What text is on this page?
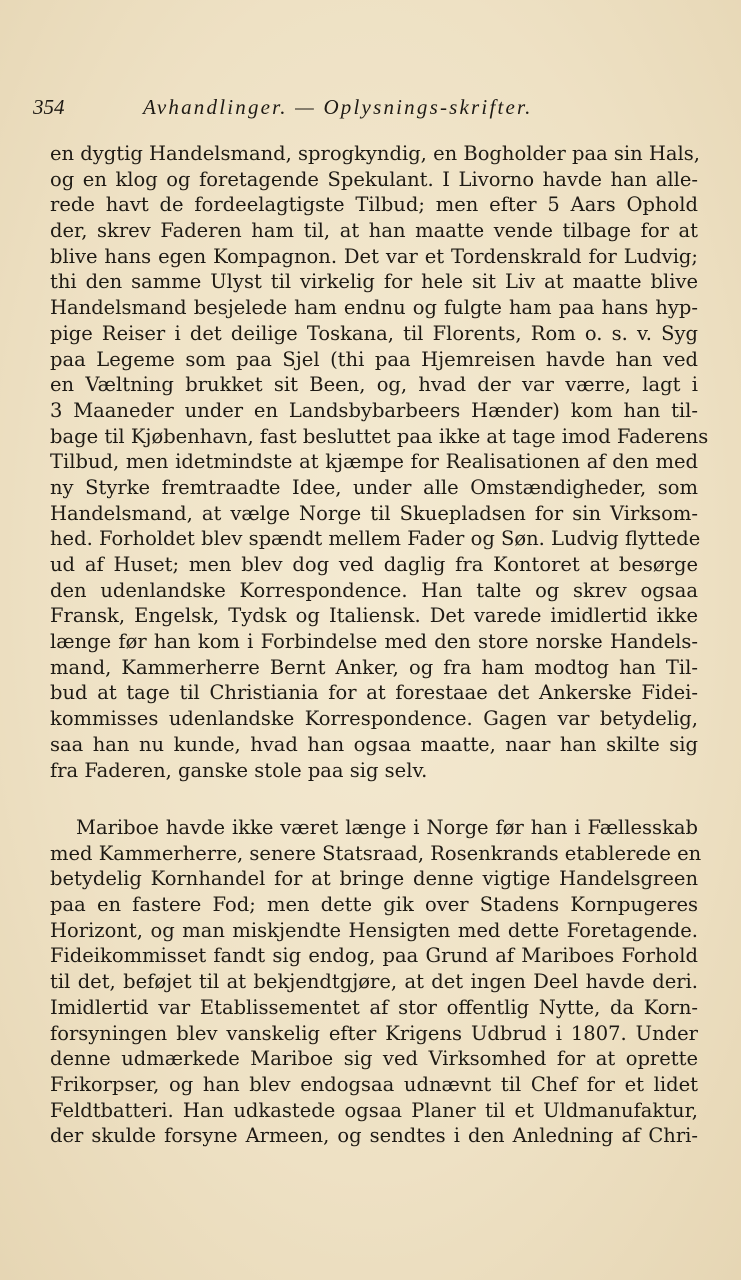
354	Avhandlinger. — Oplysnings-skrifter.
en dygtig Handelsmand, sprogkyndig, en Bogholder paa sin Hals,
og en klog og foretagende Spekulant. I Livorno havde han alle-
rede havt de fordeelagtigste Tilbud; men efter 5 Aars Ophold
der, skrev Faderen ham til, at han maatte vende tilbage for at
blive hans egen Kompagnon. Det var et Tordenskrald for Ludvig;
thi den samme Ulyst til virkelig for hele sit Liv at maatte blive
Handelsmand besjelede ham endnu og fulgte ham paa hans hyp-
pige Reiser i det deilige Toskana, til Florents, Rom o. s. v. Syg
paa Legeme som paa Sjel (thi paa Hjemreisen havde han ved
en Væltning brukket sit Been, og, hvad der var værre, lagt i
3 Maaneder under en Landsbybarbeers Hænder) kom han til-
bage til Kjøbenhavn, fast besluttet paa ikke at tage imod Faderens
Tilbud, men idetmindste at kjæmpe for Realisationen af den med
ny Styrke fremtraadte Idee, under alle Omstændigheder, som
Handelsmand, at vælge Norge til Skuepladsen for sin Virksom-
hed. Forholdet blev spændt mellem Fader og Søn. Ludvig flyttede
ud af Huset; men blev dog ved daglig fra Kontoret at besørge
den udenlandske Korrespondence. Han talte og skrev ogsaa
Fransk, Engelsk, Tydsk og Italiensk. Det varede imidlertid ikke
længe før han kom i Forbindelse med den store norske Handels-
mand, Kammerherre Bernt Anker, og fra ham modtog han Til-
bud at tage til Christiania for at forestaae det Ankerske Fidei-
kommisses udenlandske Korrespondence. Gagen var betydelig,
saa han nu kunde, hvad han ogsaa maatte, naar han skilte sig
fra Faderen, ganske stole paa sig selv.
Mariboe havde ikke været længe i Norge før han i Fællesskab
med Kammerherre, senere Statsraad, Rosenkrands etablerede en
betydelig Kornhandel for at bringe denne vigtige Handelsgreen
paa en fastere Fod; men dette gik over Stadens Kornpugeres
Horizont, og man miskjendte Hensigten med dette Foretagende.
Fideikommisset fandt sig endog, paa Grund af Mariboes Forhold
til det, beføjet til at bekjendtgjøre, at det ingen Deel havde deri.
Imidlertid var Etablissementet af stor offentlig Nytte, da Korn-
forsyningen blev vanskelig efter Krigens Udbrud i 1807. Under
denne udmærkede Mariboe sig ved Virksomhed for at oprette
Frikorpser, og han blev endogsaa udnævnt til Chef for et lidet
Feldtbatteri. Han udkastede ogsaa Planer til et Uldmanufaktur,
der skulde forsyne Armeen, og sendtes i den Anledning af Chri-
